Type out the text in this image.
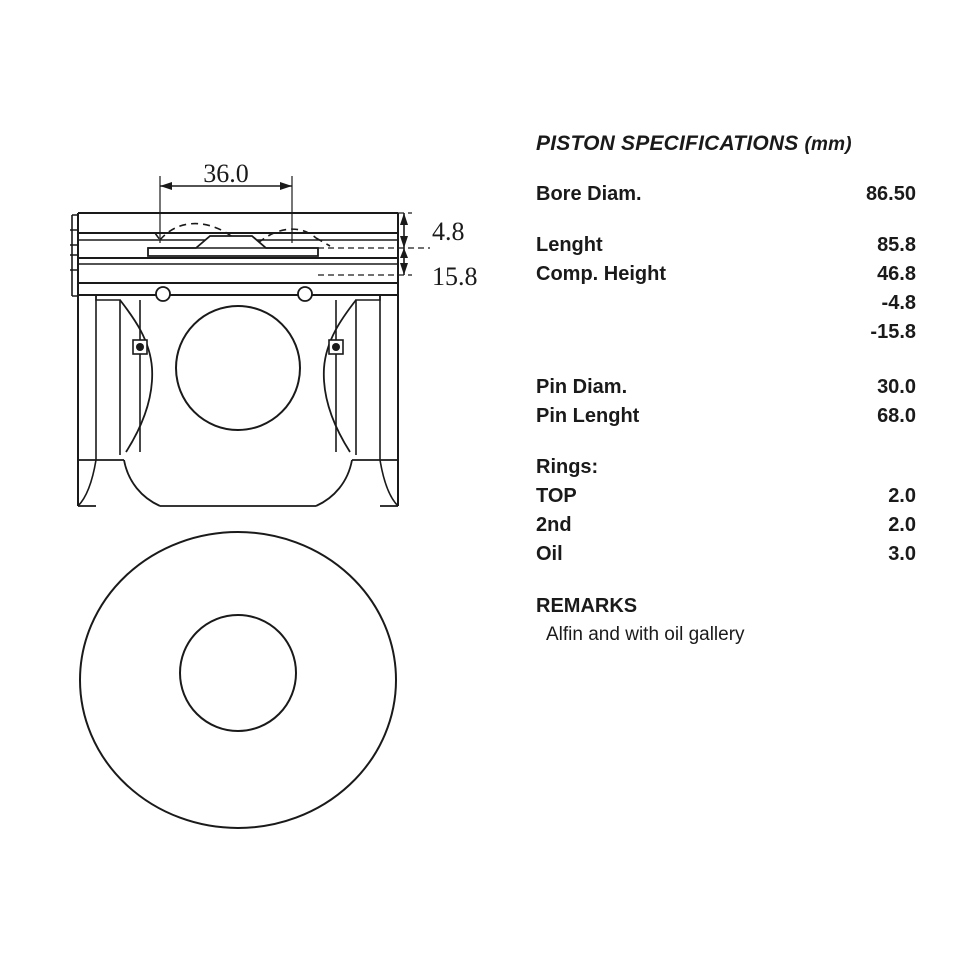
36.0
4.8
15.8
PISTON SPECIFICATIONS (mm)
Bore Diam.	86.50
Lenght	85.8
Comp. Height	46.8
-4.8
-15.8
Pin Diam.	30.0
Pin Lenght	68.0
Rings:
TOP	2.0
2nd	2.0
Oil	3.0
REMARKS
Alfin and with oil gallery
